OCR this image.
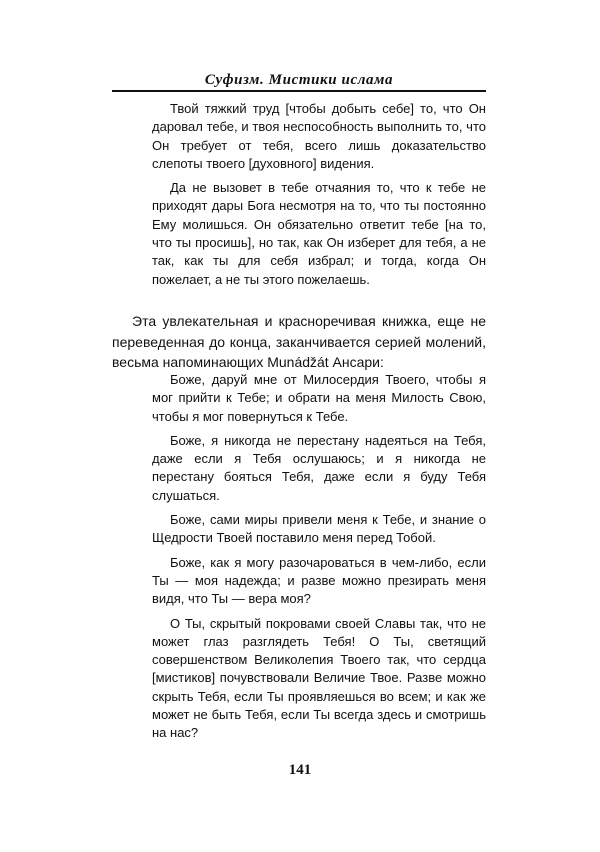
Суфизм. Мистики ислама

Твой тяжкий труд [чтобы добыть себе] то, что Он даровал тебе, и твоя неспособность выполнить то, что Он требует от тебя, всего лишь доказательство слепоты твоего [духовного] видения.

Да не вызовет в тебе отчаяния то, что к тебе не приходят дары Бога несмотря на то, что ты постоянно Ему молишься. Он обязательно ответит тебе [на то, что ты просишь], но так, как Он изберет для тебя, а не так, как ты для себя избрал; и тогда, когда Он пожелает, а не ты этого пожелаешь.

Эта увлекательная и красноречивая книжка, еще не переведенная до конца, заканчивается серией молений, весьма напоминающих Munáǆát Ансари:

Боже, даруй мне от Милосердия Твоего, чтобы я мог прийти к Тебе; и обрати на меня Милость Свою, чтобы я мог повернуться к Тебе.

Боже, я никогда не перестану надеяться на Тебя, даже если я Тебя ослушаюсь; и я никогда не перестану бояться Тебя, даже если я буду Тебя слушаться.

Боже, сами миры привели меня к Тебе, и знание о Щедрости Твоей поставило меня перед Тобой.

Боже, как я могу разочароваться в чем-либо, если Ты — моя надежда; и разве можно презирать меня видя, что Ты — вера моя?

О Ты, скрытый покровами своей Славы так, что не может глаз разглядеть Тебя! О Ты, светящий совершенством Великолепия Твоего так, что сердца [мистиков] почувствовали Величие Твое. Разве можно скрыть Тебя, если Ты проявляешься во всем; и как же может не быть Тебя, если Ты всегда здесь и смотришь на нас?

141
